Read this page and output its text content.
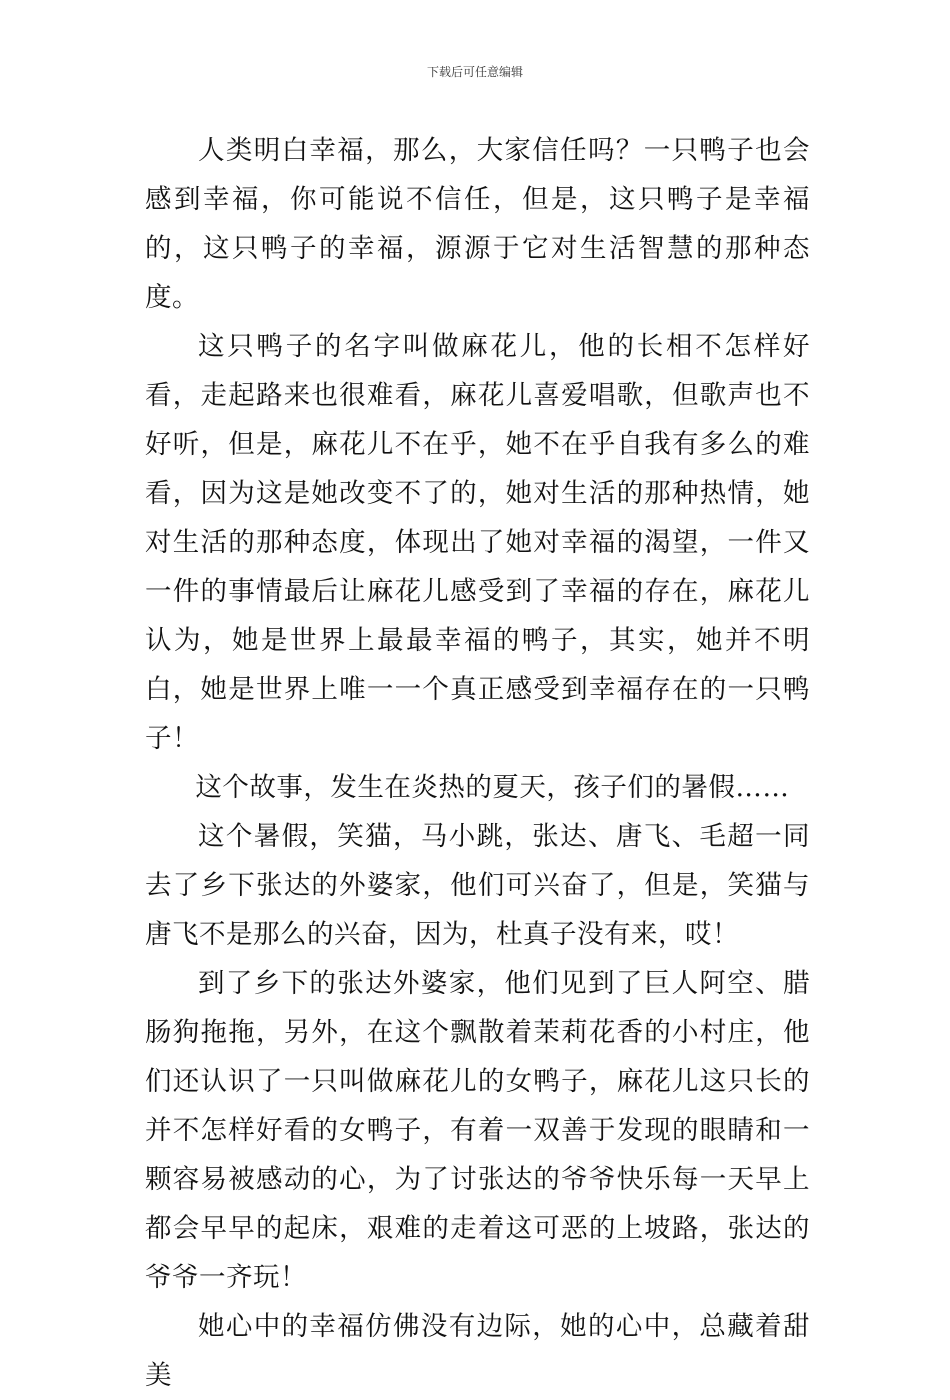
下载后可任意编辑

人类明白幸福，那么，大家信任吗？一只鸭子也会感到幸福，你可能说不信任，但是，这只鸭子是幸福的，这只鸭子的幸福，源源于它对生活智慧的那种态度。

这只鸭子的名字叫做麻花儿，他的长相不怎样好看，走起路来也很难看，麻花儿喜爱唱歌，但歌声也不好听，但是，麻花儿不在乎，她不在乎自我有多么的难看，因为这是她改变不了的，她对生活的那种热情，她对生活的那种态度，体现出了她对幸福的渴望，一件又一件的事情最后让麻花儿感受到了幸福的存在，麻花儿认为，她是世界上最最幸福的鸭子，其实，她并不明白，她是世界上唯一一个真正感受到幸福存在的一只鸭子！

这个故事，发生在炎热的夏天，孩子们的暑假……

这个暑假，笑猫，马小跳，张达、唐飞、毛超一同去了乡下张达的外婆家，他们可兴奋了，但是，笑猫与唐飞不是那么的兴奋，因为，杜真子没有来，哎！

到了乡下的张达外婆家，他们见到了巨人阿空、腊肠狗拖拖，另外，在这个飘散着茉莉花香的小村庄，他们还认识了一只叫做麻花儿的女鸭子，麻花儿这只长的并不怎样好看的女鸭子，有着一双善于发现的眼睛和一颗容易被感动的心，为了讨张达的爷爷快乐每一天早上都会早早的起床，艰难的走着这可恶的上坡路，张达的爷爷一齐玩！

她心中的幸福仿佛没有边际，她的心中，总藏着甜美
